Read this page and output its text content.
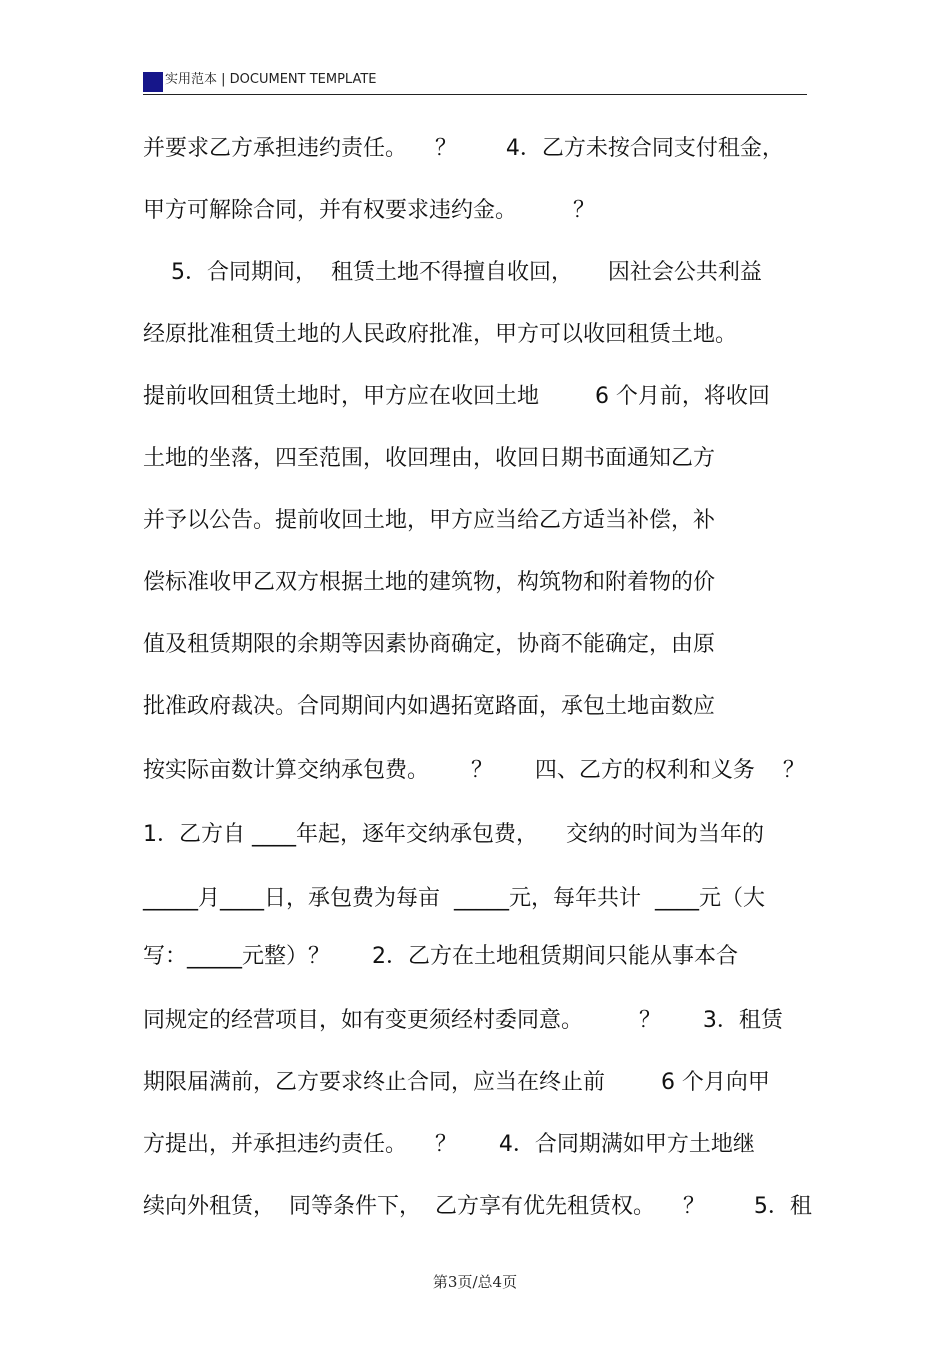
实用范本 | DOCUMENT TEMPLATE
并要求乙方承担违约责任。    ？       4．乙方未按合同支付租金，
甲方可解除合同，并有权要求违约金。        ？
5．合同期间，  租赁土地不得擅自收回，     因社会公共利益
经原批准租赁土地的人民政府批准，甲方可以收回租赁土地。
提前收回租赁土地时，甲方应在收回土地        6 个月前，将收回
土地的坐落，四至范围，收回理由，收回日期书面通知乙方
并予以公告。提前收回土地，甲方应当给乙方适当补偿，补
偿标准收甲乙双方根据土地的建筑物，构筑物和附着物的价
值及租赁期限的余期等因素协商确定，协商不能确定，由原
批准政府裁决。合同期间内如遇拓宽路面，承包土地亩数应
按实际亩数计算交纳承包费。      ？      四、乙方的权利和义务    ？
1．乙方自 ____年起，逐年交纳承包费，    交纳的时间为当年的
_____月____日，承包费为每亩  _____元，每年共计  ____元（大
写：_____元整）？      2．乙方在土地租赁期间只能从事本合
同规定的经营项目，如有变更须经村委同意。        ？      3．租赁
期限届满前，乙方要求终止合同，应当在终止前        6 个月向甲
方提出，并承担违约责任。    ？      4．合同期满如甲方土地继
续向外租赁，  同等条件下，  乙方享有优先租赁权。    ？       5．租
第3页/总4页
